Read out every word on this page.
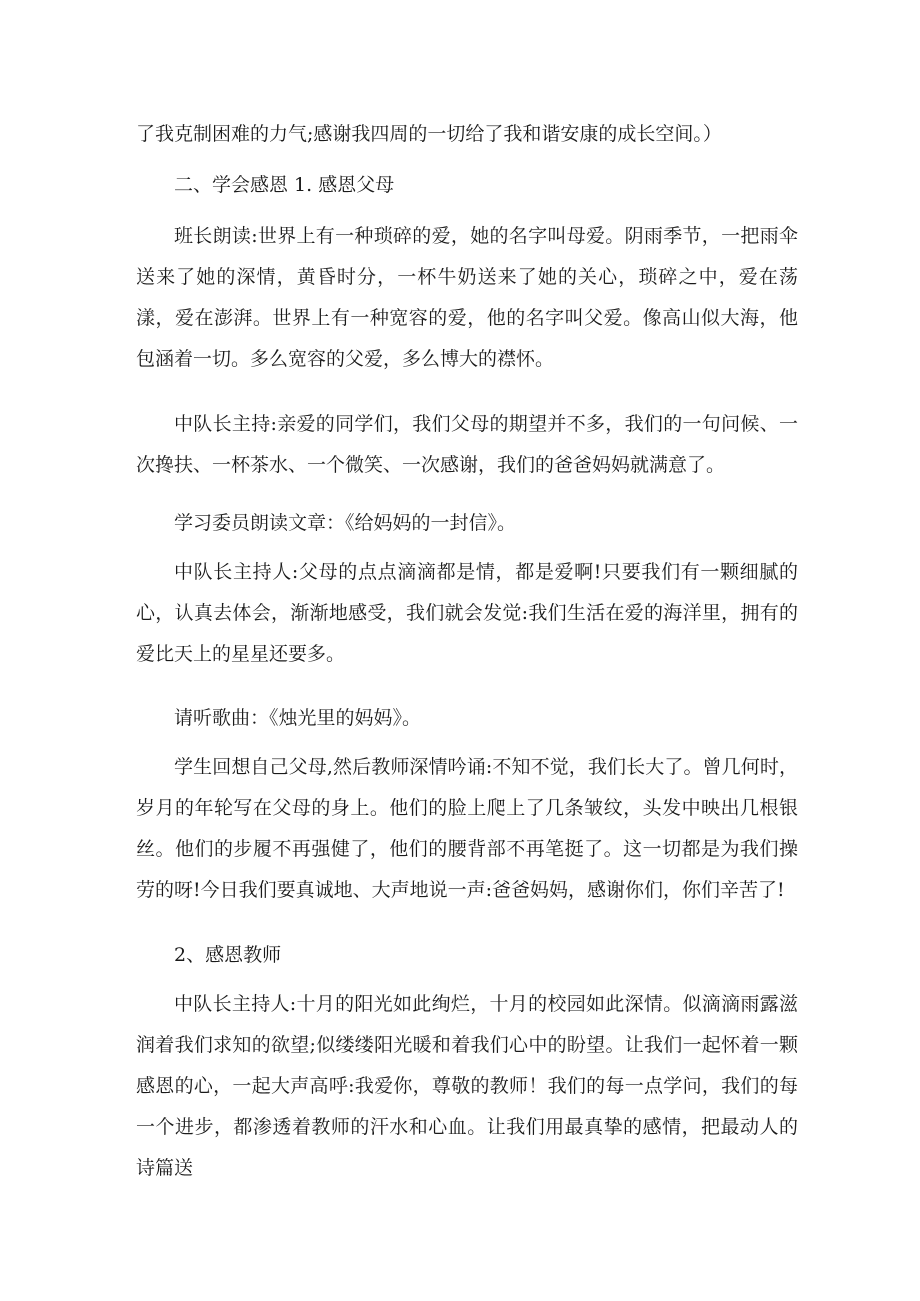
了我克制困难的力气;感谢我四周的一切给了我和谐安康的成长空间。）

二、学会感恩 1. 感恩父母

班长朗读:世界上有一种琐碎的爱，她的名字叫母爱。阴雨季节，一把雨伞送来了她的深情，黄昏时分，一杯牛奶送来了她的关心，琐碎之中，爱在荡漾，爱在澎湃。世界上有一种宽容的爱，他的名字叫父爱。像高山似大海，他包涵着一切。多么宽容的父爱，多么博大的襟怀。

中队长主持:亲爱的同学们，我们父母的期望并不多，我们的一句问候、一次搀扶、一杯茶水、一个微笑、一次感谢，我们的爸爸妈妈就满意了。

学习委员朗读文章：《给妈妈的一封信》。

中队长主持人:父母的点点滴滴都是情，都是爱啊!只要我们有一颗细腻的心，认真去体会，渐渐地感受，我们就会发觉:我们生活在爱的海洋里，拥有的爱比天上的星星还要多。

请听歌曲：《烛光里的妈妈》。

学生回想自己父母,然后教师深情吟诵:不知不觉，我们长大了。曾几何时，岁月的年轮写在父母的身上。他们的脸上爬上了几条皱纹，头发中映出几根银丝。他们的步履不再强健了，他们的腰背部不再笔挺了。这一切都是为我们操劳的呀!今日我们要真诚地、大声地说一声:爸爸妈妈，感谢你们，你们辛苦了!

2、感恩教师

中队长主持人:十月的阳光如此绚烂，十月的校园如此深情。似滴滴雨露滋润着我们求知的欲望;似缕缕阳光暖和着我们心中的盼望。让我们一起怀着一颗感恩的心，一起大声高呼:我爱你，尊敬的教师！我们的每一点学问，我们的每一个进步，都渗透着教师的汗水和心血。让我们用最真挚的感情，把最动人的诗篇送
